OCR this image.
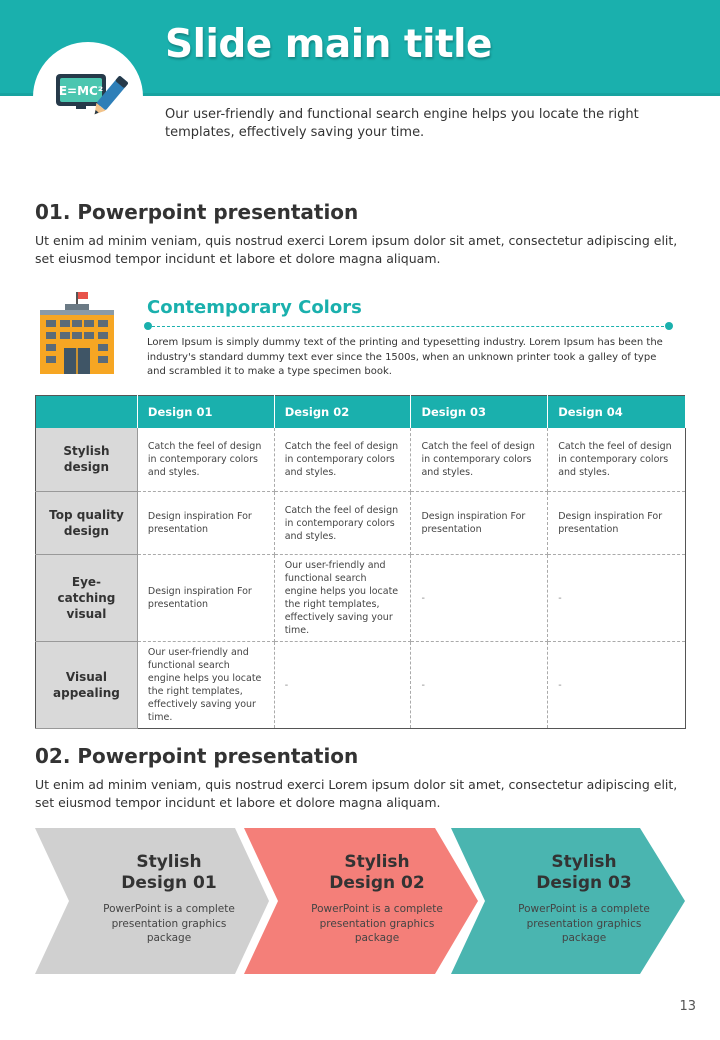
E=MC²
Slide main title
Our user-friendly and functional search engine helps you locate the right templates, effectively saving your time.
01. Powerpoint presentation
Ut enim ad minim veniam, quis nostrud exerci Lorem ipsum dolor sit amet, consectetur adipiscing elit, set eiusmod tempor incidunt et labore et dolore magna aliquam.
Contemporary Colors
Lorem Ipsum is simply dummy text of the printing and typesetting industry. Lorem Ipsum has been the industry's standard dummy text ever since the 1500s, when an unknown printer took a galley of type and scrambled it to make a type specimen book.
	Design 01	Design 02	Design 03	Design 04
Stylish design	Catch the feel of design in contemporary colors and styles.	Catch the feel of design in contemporary colors and styles.	Catch the feel of design in contemporary colors and styles.	Catch the feel of design in contemporary colors and styles.
Top quality design	Design inspiration For presentation	Catch the feel of design in contemporary colors and styles.	Design inspiration For presentation	Design inspiration For presentation
Eye-catching visual	Design inspiration For presentation	Our user-friendly and functional search engine helps you locate the right templates, effectively saving your time.	-	-
Visual appealing	Our user-friendly and functional search engine helps you locate the right templates, effectively saving your time.	-	-	-
02. Powerpoint presentation
Ut enim ad minim veniam, quis nostrud exerci Lorem ipsum dolor sit amet, consectetur adipiscing elit, set eiusmod tempor incidunt et labore et dolore magna aliquam.
Stylish
Design 01
PowerPoint is a complete presentation graphics package
Stylish
Design 02
PowerPoint is a complete presentation graphics package
Stylish
Design 03
PowerPoint is a complete presentation graphics package
13
